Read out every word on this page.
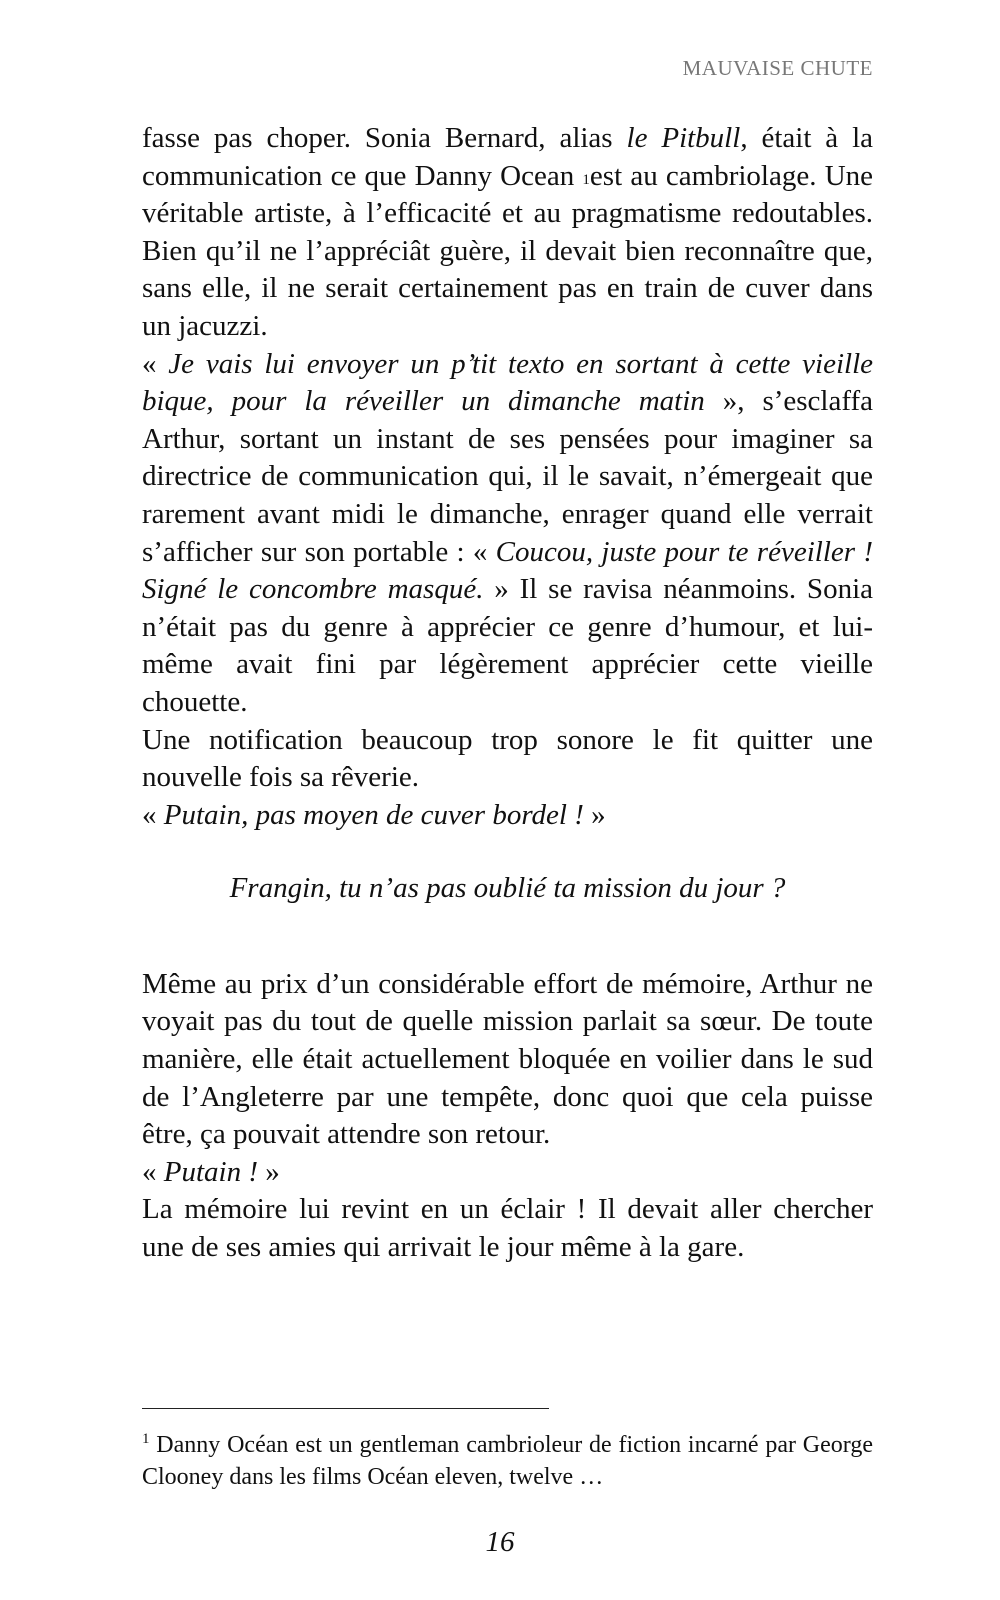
MAUVAISE CHUTE

fasse pas choper. Sonia Bernard, alias le Pitbull, était à la communication ce que Danny Ocean $^1$est au cambriolage. Une véritable artiste, à l’efficacité et au pragmatisme redoutables. Bien qu’il ne l’appréciât guère, il devait bien reconnaître que, sans elle, il ne serait certainement pas en train de cuver dans un jacuzzi.

« Je vais lui envoyer un p’tit texto en sortant à cette vieille bique, pour la réveiller un dimanche matin », s’esclaffa Arthur, sortant un instant de ses pensées pour imaginer sa directrice de communication qui, il le savait, n’émergeait que rarement avant midi le dimanche, enrager quand elle verrait s’afficher sur son portable : « Coucou, juste pour te réveiller ! Signé le concombre masqué. » Il se ravisa néanmoins. Sonia n’était pas du genre à apprécier ce genre d’humour, et lui-même avait fini par légèrement apprécier cette vieille chouette.

Une notification beaucoup trop sonore le fit quitter une nouvelle fois sa rêverie.

« Putain, pas moyen de cuver bordel ! »

Frangin, tu n’as pas oublié ta mission du jour ?

Même au prix d’un considérable effort de mémoire, Arthur ne voyait pas du tout de quelle mission parlait sa sœur. De toute manière, elle était actuellement bloquée en voilier dans le sud de l’Angleterre par une tempête, donc quoi que cela puisse être, ça pouvait attendre son retour.

« Putain ! »

La mémoire lui revint en un éclair ! Il devait aller chercher une de ses amies qui arrivait le jour même à la gare.

$^1$ Danny Océan est un gentleman cambrioleur de fiction incarné par George Clooney dans les films Océan eleven, twelve …
16
